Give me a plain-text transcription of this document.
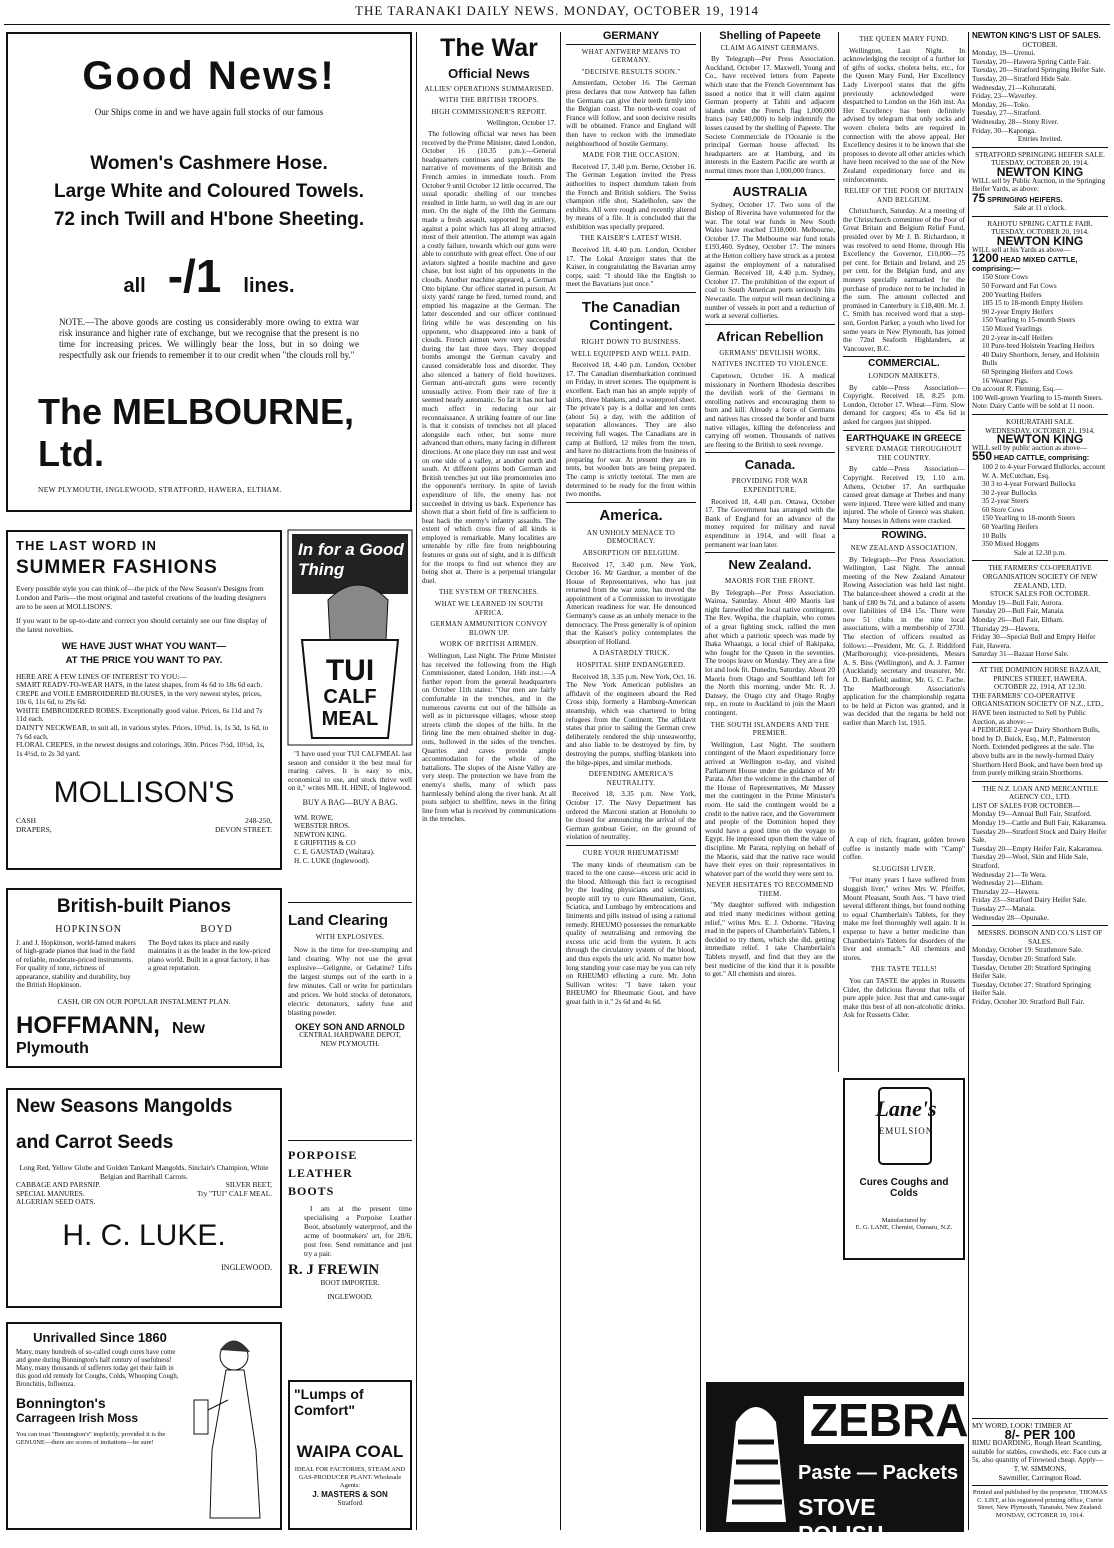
THE TARANAKI DAILY NEWS. MONDAY, OCTOBER 19, 1914
Good News!
Our Ships come in and we have again full stocks of our famous
Women's Cashmere Hose.
Large White and Coloured Towels.
72 inch Twill and H'bone Sheeting.
all -/1 lines.
NOTE.—The above goods are costing us considerably more owing to extra war risk insurance and higher rate of exchange, but we recognise that the present is no time for increasing prices. We willingly bear the loss, but in so doing we respectfully ask our friends to remember it to our credit when "the clouds roll by."
The MELBOURNE, Ltd.
NEW PLYMOUTH, INGLEWOOD, STRATFORD, HAWERA, ELTHAM.
THE LAST WORD IN
SUMMER FASHIONS
Every possible style you can think of—the pick of the New Season's Designs from London and Paris—the most original and tasteful creations of the leading designers are to be seen at MOLLISON'S.
If you want to be up-to-date and correct you should certainly see our fine display of the latest novelties.
WE HAVE JUST WHAT YOU WANT—
AT THE PRICE YOU WANT TO PAY.
HERE ARE A FEW LINES OF INTEREST TO YOU:—
SMART READY-TO-WEAR HATS, in the latest shapes, from 4s 6d to 18s 6d each.
CREPE and VOILE EMBROIDERED BLOUSES, in the very newest styles, prices, 10s 6, 11s 6d, to 29s 6d.
WHITE EMBROIDERED ROBES. Exceptionally good value. Prices, 6s 11d and 7s 11d each.
DAINTY NECKWEAR, to suit all, in various styles. Prices, 10½d, 1s, 1s 3d, 1s 6d, to 7s 6d each.
FLORAL CREPES, in the newest designs and colorings, 30in. Prices 7½d, 10½d, 1s, 1s 4½d, to 2s 3d yard.
MOLLISON'S
CASH
DRAPERS,
248-250,
DEVON STREET.
British-built Pianos
HOPKINSON	BOYD
J. and J. Hopkinson, world-famed makers of high-grade pianos that lead in the field of reliable, moderate-priced instruments. For quality of tone, richness of appearance, stability and durability, buy the British Hopkinson.
The Boyd takes its place and easily maintains it as the leader in the low-priced piano world. Built in a great factory, it has a great reputation.
CASH, OR ON OUR POPULAR INSTALMENT PLAN.
HOFFMANN, New Plymouth
New Seasons Mangolds
and Carrot Seeds
Long Red, Yellow Globe and Golden Tankard Mangolds. Sinclair's Champion, White Belgian and Barriball Carrots.
CABBAGE AND PARSNIP.
SPECIAL MANURES.
ALGERIAN SEED OATS.
SILVER BEET,
Try "TUI" CALF MEAL.
H. C. LUKE.
INGLEWOOD.
Unrivalled Since 1860
Many, many hundreds of so-called cough cures have come and gone during Bonnington's half century of usefulness! Many, many thousands of sufferers today get their faith in this good old remedy for Coughs, Colds, Whooping Cough, Bronchitis, Influenza.
Bonnington's
Carrageen Irish Moss
You can trust "Bonnington's" implicitly, provided it is the GENUINE—there are scores of imitations—be sure!
In for a Good Thing
TUI
CALF
MEAL

"I have used your TUI CALFMEAL last season and consider it the best meal for rearing calves. It is easy to mix, economical to use, and stock thrive well on it," writes MR. H. HINE, of Inglewood.

BUY A BAG—BUY A BAG.
WM. ROWE.
WEBSTER BROS.
NEWTON KING.
E GRIFFITHS & CO
C. E. GAUSTAD (Waitara).
H. C. LUKE (Inglewood).
Land Clearing
WITH EXPLOSIVES.

Now is the time for tree-stumping and land clearing. Why not use the great explosive—Gelignite, or Gelatine? Lifts the largest stumps out of the earth in a few minutes. Call or write for particulars and prices. We hold stocks of detonators, electric detonators, safety fuse and blasting powder.

OKEY SON AND ARNOLD
CENTRAL HARDWARE DEPOT,
NEW PLYMOUTH.
PORPOISE
LEATHER
BOOTS

I am at the present time specialising a Porpoise Leather Boot, absolutely waterproof, and the acme of bootmakers' art, for 28/6, post free. Send remittance and just try a pair.

R. J FREWIN
BOOT IMPORTER.
INGLEWOOD.
"Lumps of Comfort"
WAIPA COAL
IDEAL FOR FACTORIES, STEAM AND GAS-PRODUCER PLANT. Wholesale Agents:
J. MASTERS & SON
Stratford
The War
Official News
ALLIES' OPERATIONS SUMMARISED.
WITH THE BRITISH TROOPS.
HIGH COMMISSIONER'S REPORT.

Wellington, October 17.

The following official war news has been received by the Prime Minister, dated London, October 16 (10.35 p.m.):—General headquarters continues and supplements the narrative of movements of the British and French armies in immediate touch. From October 9 until October 12 little occurred. The usual sporadic shelling of our trenches resulted in little harm, so well dug in are our men. On the night of the 10th the Germans made a fresh assault, supported by artillery, against a point which has all along attracted most of their attention. The attempt was again a costly failure, towards which our guns were able to contribute with great effect. One of our aviators sighted a hostile machine and gave chase, but lost sight of his opponents in the clouds. Another machine appeared, a German Otto biplane. Our officer started in pursuit. At sixty yards' range he fired, turned round, and emptied his magazine at the German. The latter descended and our officer continued firing while he was descending on his opponent, who disappeared into a bank of clouds. French airmen were very successful during the last three days. They dropped bombs amongst the German cavalry and caused considerable loss and disorder. They also silenced a battery of field howitzers. German anti-aircraft guns were recently unusually active. From their rate of fire it seemed nearly automatic. So far it has not had much effect in reducing our air reconnaissance. A striking feature of our line is that it consists of trenches not all placed alongside each other, but some more advanced than others, many facing in different directions. At one place they run east and west on one side of a valley, at another north and south. At different points both German and British trenches jut out like promontories into the opponent's territory. In spite of lavish expenditure of life, the enemy has not succeeded in driving us back. Experience has shown that a short field of fire is sufficient to beat back the enemy's infantry assaults. The extent of which cross fire of all kinds is employed is remarkable. Many localities are untenable by rifle fire from neighbouring features or guns out of sight, and it is difficult for the troops to find out whence they are being shot at. There is a perpetual triangular duel.

THE SYSTEM OF TRENCHES.
WHAT WE LEARNED IN SOUTH AFRICA.
GERMAN AMMUNITION CONVOY BLOWN UP.
WORK OF BRITISH AIRMEN.

Wellington, Last Night. The Prime Minister has received the following from the High Commissioner, dated London, 16th inst.:—A further report from the general headquarters on October 11th states: "Our men are fairly comfortable in the trenches, and in the numerous caverns cut out of the hillside as well as in picturesque villages, whose steep streets climb the slopes of the hills. In the firing line the men obtained shelter in dug-outs, hollowed in the sides of the trenches. Quarries and caves provide ample accommodation for the whole of the battalions. The slopes of the Aisne Valley are very steep. The protection we have from the enemy's shells, many of which pass harmlessly behind along the river bank. At all posts subject to shellfire, news in the firing line from what is received by communications in the trenches.

GERMANY
WHAT ANTWERP MEANS TO GERMANY.
"DECISIVE RESULTS SOON."

Amsterdam, October 16. The German press declares that now Antwerp has fallen the Germans can give their teeth firmly into the Belgian coast. The north-west coast of France will follow, and soon decisive results will be obtained. France and England will then have to reckon with the immediate neighbourhood of hostile Germany.

MADE FOR THE OCCASION.

Received 17, 3.40 p.m. Berne, October 16. The German Legation invited the Press authorities to inspect dumdum taken from the French and British soldiers. The Swiss champion rifle shot, Stadelhofen, saw the exhibits. All were rough and recently altered by means of a file. It is concluded that the exhibition was specially prepared.

THE KAISER'S LATEST WISH.

Received 18, 4.40 p.m. London, October 17. The Lokal Anzeiger states that the Kaiser, in congratulating the Bavarian army corps, said: "I should like the English to meet the Bavarians just once."

The Canadian
Contingent.
RIGHT DOWN TO BUSINESS.
WELL EQUIPPED AND WELL PAID.

Received 18, 4.40 p.m. London, October 17. The Canadian disembarkation continued on Friday, in street scenes. The equipment is excellent. Each man has an ample supply of shirts, three blankets, and a waterproof sheet. The private's pay is a dollar and ten cents (about 5s) a day, with the addition of separation allowances. They are also receiving full wages. The Canadians are in camp at Bulford, 12 miles from the town, and have no distractions from the business of preparing for war. At present they are in tents, but wooden huts are being prepared. The camp is strictly teetotal. The men are determined to be ready for the front within two months.

America.
AN UNHOLY MENACE TO DEMOCRACY.
ABSORPTION OF BELGIUM.

Received 17, 3.40 p.m. New York, October 16. Mr Gardner, a member of the House of Representatives, who has just returned from the war zone, has moved the appointment of a Commission to investigate American readiness for war. He denounced Germany's cause as an unholy menace to the democracy. The Press generally is of opinion that the Kaiser's policy contemplates the absorption of Holland.

A DASTARDLY TRICK.
HOSPITAL SHIP ENDANGERED.

Received 18, 3.35 p.m. New York, Oct. 16. The New York American publishes an affidavit of the engineers aboard the Red Cross ship, formerly a Hamburg-American steamship, which was chartered to bring refugees from the Continent. The affidavit states that prior to sailing the German crew deliberately rendered the ship unseaworthy, and also liable to be destroyed by fire, by destroying the pumps, stuffing blankets into the bilge-pipes, and similar methods.

DEFENDING AMERICA'S NEUTRALITY.

Received 18, 3.35 p.m. New York, October 17. The Navy Department has ordered the Marconi station at Honolulu to be closed for announcing the arrival of the German gunboat Geier, on the ground of violation of neutrality.

CURE YOUR RHEUMATISM!

The many kinds of rheumatism can be traced to the one cause—excess uric acid in the blood. Although this fact is recognised by the leading physicians and scientists, people still try to cure Rheumatism, Gout, Sciatica, and Lumbago by embrocations and liniments and pills instead of using a rational remedy. RHEUMO possesses the remarkable quality of neutralising and removing the excess uric acid from the system. It acts through the circulatory system of the blood, and thus expels the uric acid. No matter how long standing your case may be you can rely on RHEUMO effecting a cure. Mr. John Sullivan writes: "I have taken your RHEUMO for Rheumatic Gout, and have great faith in it." 2s 6d and 4s 6d.

Shelling of Papeete
CLAIM AGAINST GERMANS.

By Telegraph—Per Press Association. Auckland, October 17. Maxwell, Young and Co., have received letters from Papeete which state that the French Government has issued a notice that it will claim against German property at Tahiti and adjacent islands under the French flag 1,000,000 francs (say £40,000) to help indemnify the losses caused by the shelling of Papeete. The Societe Commerciale de l'Oceanie is the principal German house affected. Its headquarters are at Hamburg, and its interests in the Eastern Pacific are worth at normal times more than 1,000,000 francs.

AUSTRALIA

Sydney, October 17. Two sons of the Bishop of Riverina have volunteered for the war. The total war funds in New South Wales have reached £318,000. Melbourne, October 17. The Melbourne war fund totals £193,460. Sydney, October 17. The miners at the Hetton colliery have struck as a protest against the employment of a naturalised German. Received 18, 4.40 p.m. Sydney, October 17. The prohibition of the export of coal to South American ports seriously hits Newcastle. The output will mean declining a number of vessels in port and a reduction of work at several collieries.

African Rebellion
GERMANS' DEVILISH WORK.
NATIVES INCITED TO VIOLENCE.

Capetown, October 16. A medical missionary in Northern Rhodesia describes the devilish work of the Germans in enrolling natives and encouraging them to burn and kill. Already a force of Germans and natives has crossed the border and burnt native villages, killing the defenceless and carrying off women. Thousands of natives are fleeing to the British to seek revenge.

Canada.
PROVIDING FOR WAR EXPENDITURE.

Received 18, 4.40 p.m. Ottawa, October 17. The Government has arranged with the Bank of England for an advance of the money required for military and naval expenditure in 1914, and will float a permanent war loan later.

New Zealand.
MAORIS FOR THE FRONT.

By Telegraph—Per Press Association. Wairoa, Saturday. About 400 Maoris last night farewelled the local native contingent. The Rev. Wepiha, the chaplain, who comes of a great fighting stock, rallied the men after which a patriotic speech was made by Ihaka Whaanga, a local chief of Rakipaka, who fought for the Queen in the seventies. The troops leave on Monday. They are a fine lot and look fit. Dunedin, Saturday. About 20 Maoris from Otago and Southland left for the North this morning, under Mr. R. J. Dansey, the Otago city and Otago Rugby rep., en route to Auckland to join the Maori contingent.

THE SOUTH ISLANDERS AND THE PREMIER.

Wellington, Last Night. The southern contingent of the Maori expeditionary force arrived at Wellington to-day, and visited Parliament House under the guidance of Mr Parata. After the welcome in the chamber of the House of Representatives, Mr Massey met the contingent in the Prime Minister's room. He said the contingent would be a credit to the native race, and the Government and people of the Dominion hoped they would have a good time on the voyage to Egypt. He impressed upon them the value of discipline. Mr Parata, replying on behalf of the Maoris, said that the native race would have their eyes on their representatives in whatever part of the world they were sent to.

NEVER HESITATES TO RECOMMEND THEM.

"My daughter suffered with indigestion and tried many medicines without getting relief," writes Mrs. E. J. Osborne. "Having read in the papers of Chamberlain's Tablets, I decided to try them, which she did, getting immediate relief. I take Chamberlain's Tablets myself, and find that they are the best medicine of the kind that it is possible to get." All chemists and stores.

THE QUEEN MARY FUND.

Wellington, Last Night. In acknowledging the receipt of a further lot of gifts of socks, cholera belts, etc., for the Queen Mary Fund, Her Excellency Lady Liverpool states that the gifts previously acknowledged were despatched to London on the 16th inst. As Her Excellency has been definitely advised by telegram that only socks and woven cholera belts are required in connection with the above appeal, Her Excellency desires it to be known that she proposes to devote all other articles which have been received to the use of the New Zealand expeditionary force and its reinforcements.

RELIEF OF THE POOR OF BRITAIN AND BELGIUM.

Christchurch, Saturday. At a meeting of the Christchurch committee of the Poor of Great Britain and Belgium Relief Fund, presided over by Mr J. B. Richardson, it was resolved to send Home, through His Excellency the Governor, £10,000—75 per cent. for Britain and Ireland, and 25 per cent. for the Belgian fund, and any moneys specially earmarked for the purchase of produce not to be included in the sum. The amount collected and promised in Canterbury is £18,400. Mr. J. C. Smith has received word that a step-son, Gordon Parker, a youth who lived for some years in New Plymouth, has joined the 72nd Seaforth Highlanders, at Vancouver, B.C.

COMMERCIAL.
LONDON MARKETS.

By cable—Press Association—Copyright. Received 18, 8.25 p.m. London, October 17. Wheat—Firm. Slow demand for cargoes; 45s to 45s 6d is asked for cargoes just shipped.

EARTHQUAKE IN GREECE
SEVERE DAMAGE THROUGHOUT THE COUNTRY.

By cable—Press Association—Copyright. Received 19, 1.10 a.m. Athens, October 17. An earthquake caused great damage at Thebes and many were injured. Three were killed and many injured. The whole of Greece was shaken. Many houses in Athens were cracked.

ROWING.
NEW ZEALAND ASSOCIATION.

By Telegraph—Per Press Association. Wellington, Last Night. The annual meeting of the New Zealand Amateur Rowing Association was held last night. The balance-sheet showed a credit at the bank of £80 9s 7d, and a balance of assets over liabilities of £84 15s. There were now 51 clubs in the nine local associations, with a membership of 2730. The election of officers resulted as follows:—President, Mr. G. J. Riddiford (Marlborough); vice-presidents, Messrs A. S. Biss (Wellington), and A. J. Farmer (Auckland); secretary and treasurer, Mr. A. D. Banfield; auditor, Mr. G. C. Fache. The Marlborough Association's application for the championship regatta to be held at Picton was granted, and it was decided that the regatta be held not earlier than March 1st, 1915.

A cup of rich, fragrant, golden brown coffee is instantly made with "Camp" coffee.

SLUGGISH LIVER.

"For many years I have suffered from sluggish liver," writes Mrs W. Pfeiffer, Mount Pleasant, South Aus. "I have tried several different things, but found nothing to equal Chamberlain's Tablets, for they make me feel thoroughly well again. It is expense to have a better medicine than Chamberlain's Tablets for disorders of the liver and stomach." All chemists and stores.

THE TASTE TELLS!

You can TASTE the apples in Russetts Cider, the delicious flavour that tells of pure apple juice. Just that and cane-sugar make this best of all non-alcoholic drinks. Ask for Russetts Cider.

Lane's
EMULSION
Cures Coughs and Colds
Manufactured by
E. G. LANE, Chemist, Oamaru, N.Z.
ZEBRA
Paste — Packets
STOVE POLISH
NEWTON KING'S LIST OF SALES.
OCTOBER.
Monday, 19—Urenui.
Tuesday, 20—Hawera Spring Cattle Fair.
Tuesday, 20—Stratford Springing Heifer Sale.
Tuesday, 20—Stratford Hide Sale.
Wednesday, 21—Kohuratahi.
Friday, 23—Waverley.
Monday, 26—Toko.
Tuesday, 27—Stratford.
Wednesday, 28—Stony River.
Friday, 30—Kaponga.
Entries Invited.
STRATFORD SPRINGING HEIFER SALE.
TUESDAY, OCTOBER 20, 1914.
NEWTON KING
WILL sell by Public Auction, in the Springing Heifer Yards, as above:
75 SPRINGING HEIFERS.
Sale at 11 o'clock.
RAHOTU SPRING CATTLE FAIR.
TUESDAY, OCTOBER 20, 1914.
NEWTON KING
WILL sell at his Yards as above—
1200 HEAD MIXED CATTLE, comprising:—
150 Store Cows
50 Forward and Fat Cows
200 Yearling Heifers
185 15 to 18-month Empty Heifers
90 2-year Empty Heifers
150 Yearling to 15-month Steers
150 Mixed Yearlings
20 2-year in-calf Heifers
10 Pure-bred Holstein Yearling Heifers
40 Dairy Shorthorn, Jersey, and Holstein Bulls
60 Springing Heifers and Cows
16 Weaner Pigs.
On account R. Fleming, Esq.—
100 Well-grown Yearling to 15-month Steers.
Note: Dairy Cattle will be sold at 11 noon.
KOHURATAHI SALE.
WEDNESDAY, OCTOBER 21, 1914.
NEWTON KING
WILL sell by public auction as above—
550 HEAD CATTLE, comprising:
100 2 to 4-year Forward Bullocks, account W. A. McCutchan, Esq.
30 3 to 4-year Forward Bullocks
30 2-year Bullocks
35 2-year Steers
60 Store Cows
150 Yearling to 18-month Steers
60 Yearling Heifers
10 Bulls
350 Mixed Hoggets
Sale at 12.30 p.m.
THE FARMERS' CO-OPERATIVE ORGANISATION SOCIETY OF NEW ZEALAND, LTD.
STOCK SALES FOR OCTOBER.
Monday 19—Bull Fair, Aurora.
Tuesday 20—Bull Fair, Manaia.
Monday 26—Bull Fair, Eltham.
Thursday 29—Hawera.
Friday 30—Special Bull and Empty Heifer Fair, Hawera.
Saturday 31—Bazaar Horse Sale.
AT THE DOMINION HORSE BAZAAR, PRINCES STREET, HAWERA.
OCTOBER 22, 1914, AT 12.30.
THE FARMERS' CO-OPERATIVE ORGANISATION SOCIETY OF N.Z., LTD.,
HAVE been instructed to Sell by Public Auction, as above:—
4 PEDIGREE 2-year Dairy Shorthorn Bulls, bred by D. Buick, Esq., M.P., Palmerston North. Extended pedigrees at the sale. The above bulls are in the newly-formed Dairy Shorthorn Herd Book, and have been bred up from purely milking strain Shorthorns.
THE N.Z. LOAN AND MERCANTILE AGENCY CO., LTD.
LIST OF SALES FOR OCTOBER—
Monday 19—Annual Bull Fair, Stratford.
Monday 19—Cattle and Bull Fair, Kakaramea.
Tuesday 20—Stratford Stock and Dairy Heifer Sale.
Tuesday 20—Empty Heifer Fair, Kakaramea.
Tuesday 20—Wool, Skin and Hide Sale, Stratford.
Wednesday 21—Te Wera.
Wednesday 21—Eltham.
Thursday 22—Hawera.
Friday 23—Stratford Dairy Heifer Sale.
Tuesday 27—Manaia.
Wednesday 28—Opunake.
MESSRS. DOBSON AND CO.'S LIST OF SALES.
Monday, October 19: Strathmore Sale.
Tuesday, October 20: Stratford Sale.
Tuesday, October 20: Stratford Springing Heifer Sale.
Tuesday, October 27: Stratford Springing Heifer Sale.
Friday, October 30: Stratford Bull Fair.
MY WORD, LOOK! TIMBER AT
8/- PER 100
RIMU BOARDING, Rough Heart Scantling, suitable for stables, cowsheds, etc. Face cuts at 5s, also quantity of Firewood cheap. Apply—
T. W. SIMMONS,
Sawmiller, Carrington Road.
Printed and published by the proprietor, THOMAS C. LIST, at his registered printing office, Currie Street, New Plymouth, Taranaki, New Zealand. MONDAY, OCTOBER 19, 1914.
